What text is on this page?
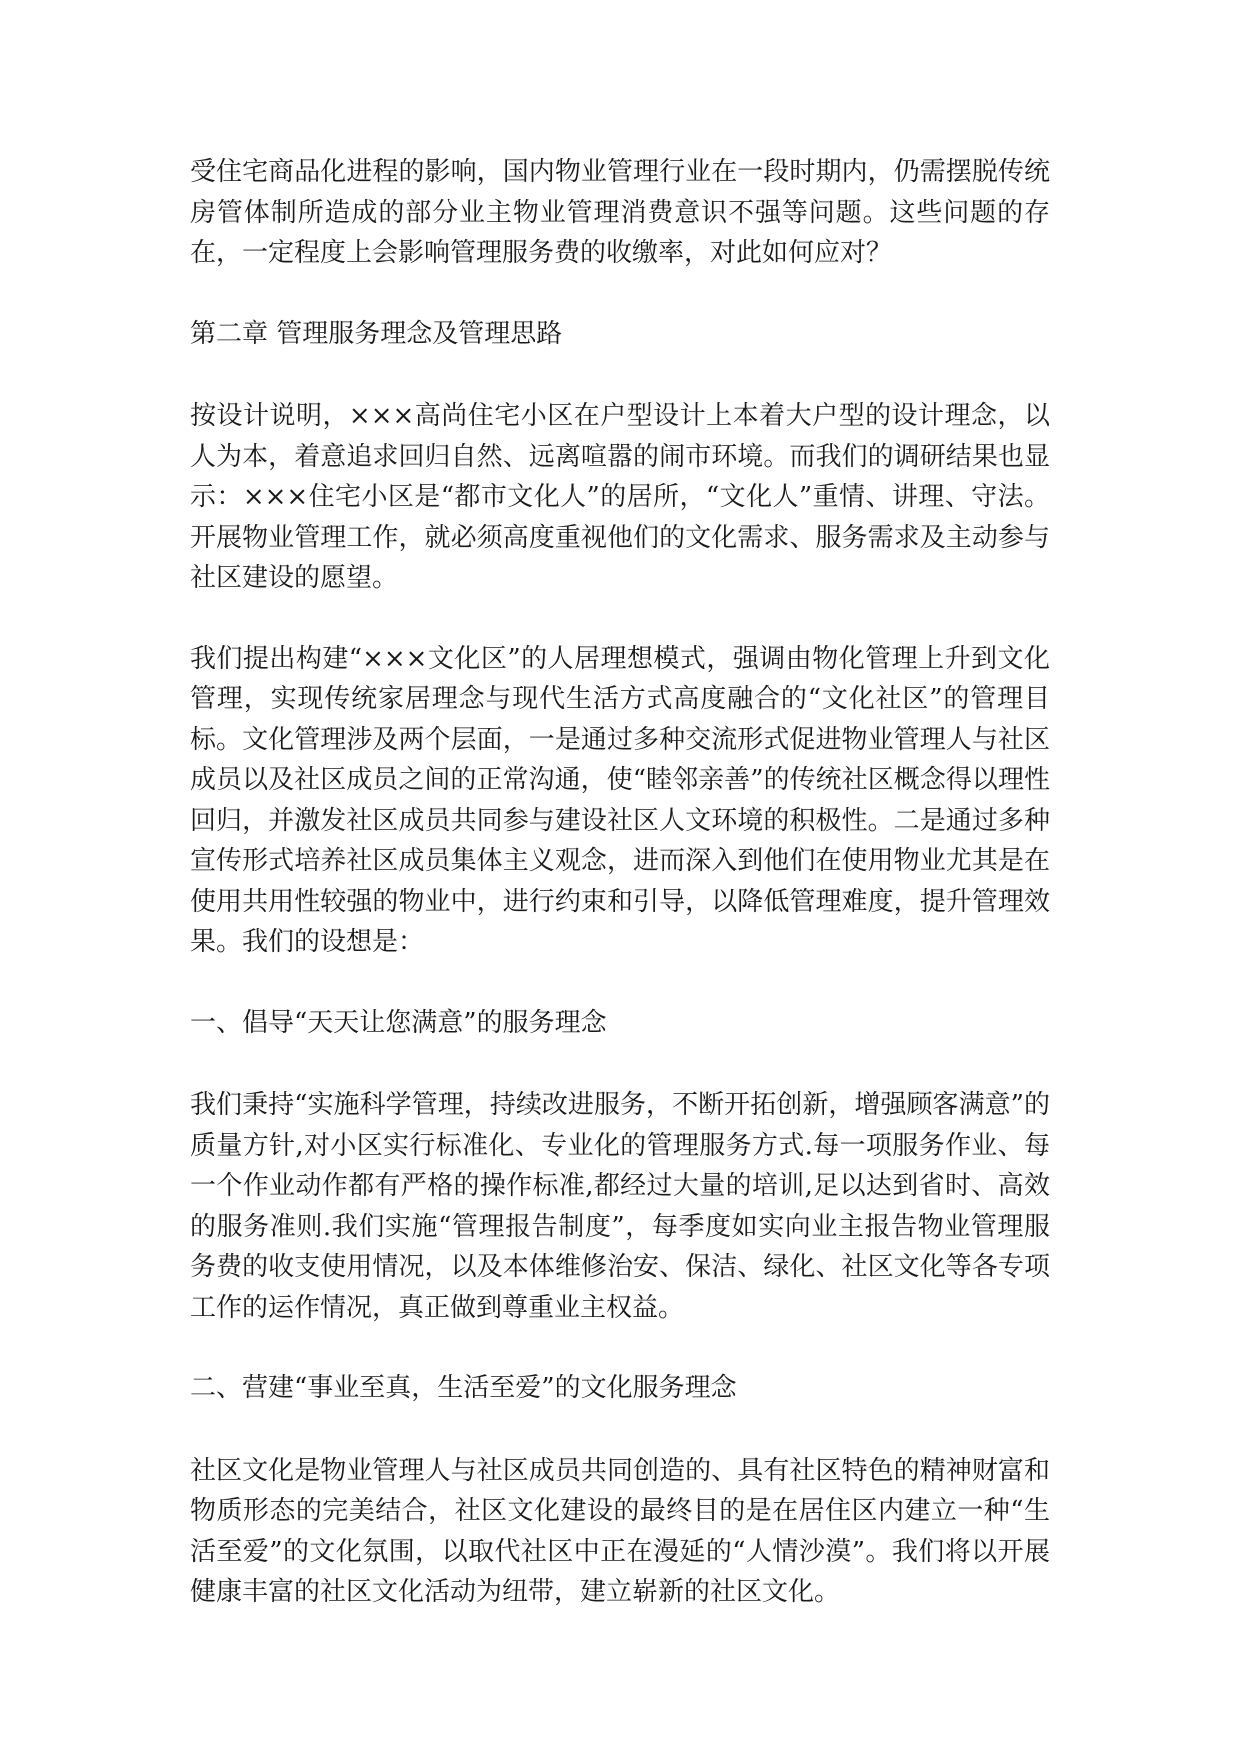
受住宅商品化进程的影响，国内物业管理行业在一段时期内，仍需摆脱传统房管体制所造成的部分业主物业管理消费意识不强等问题。这些问题的存在，一定程度上会影响管理服务费的收缴率，对此如何应对？

第二章 管理服务理念及管理思路

按设计说明，×××高尚住宅小区在户型设计上本着大户型的设计理念，以人为本，着意追求回归自然、远离喧嚣的闹市环境。而我们的调研结果也显示：×××住宅小区是“都市文化人”的居所，“文化人”重情、讲理、守法。开展物业管理工作，就必须高度重视他们的文化需求、服务需求及主动参与社区建设的愿望。

我们提出构建“×××文化区”的人居理想模式，强调由物化管理上升到文化管理，实现传统家居理念与现代生活方式高度融合的“文化社区”的管理目标。文化管理涉及两个层面，一是通过多种交流形式促进物业管理人与社区成员以及社区成员之间的正常沟通，使“睦邻亲善”的传统社区概念得以理性回归，并激发社区成员共同参与建设社区人文环境的积极性。二是通过多种宣传形式培养社区成员集体主义观念，进而深入到他们在使用物业尤其是在使用共用性较强的物业中，进行约束和引导，以降低管理难度，提升管理效果。我们的设想是：

一、倡导“天天让您满意”的服务理念

我们秉持“实施科学管理，持续改进服务，不断开拓创新，增强顾客满意”的质量方针,对小区实行标准化、专业化的管理服务方式.每一项服务作业、每一个作业动作都有严格的操作标准,都经过大量的培训,足以达到省时、高效的服务准则.我们实施“管理报告制度”，每季度如实向业主报告物业管理服务费的收支使用情况，以及本体维修治安、保洁、绿化、社区文化等各专项工作的运作情况，真正做到尊重业主权益。

二、营建“事业至真，生活至爱”的文化服务理念

社区文化是物业管理人与社区成员共同创造的、具有社区特色的精神财富和物质形态的完美结合，社区文化建设的最终目的是在居住区内建立一种“生活至爱”的文化氛围，以取代社区中正在漫延的“人情沙漠”。我们将以开展健康丰富的社区文化活动为纽带，建立崭新的社区文化。
